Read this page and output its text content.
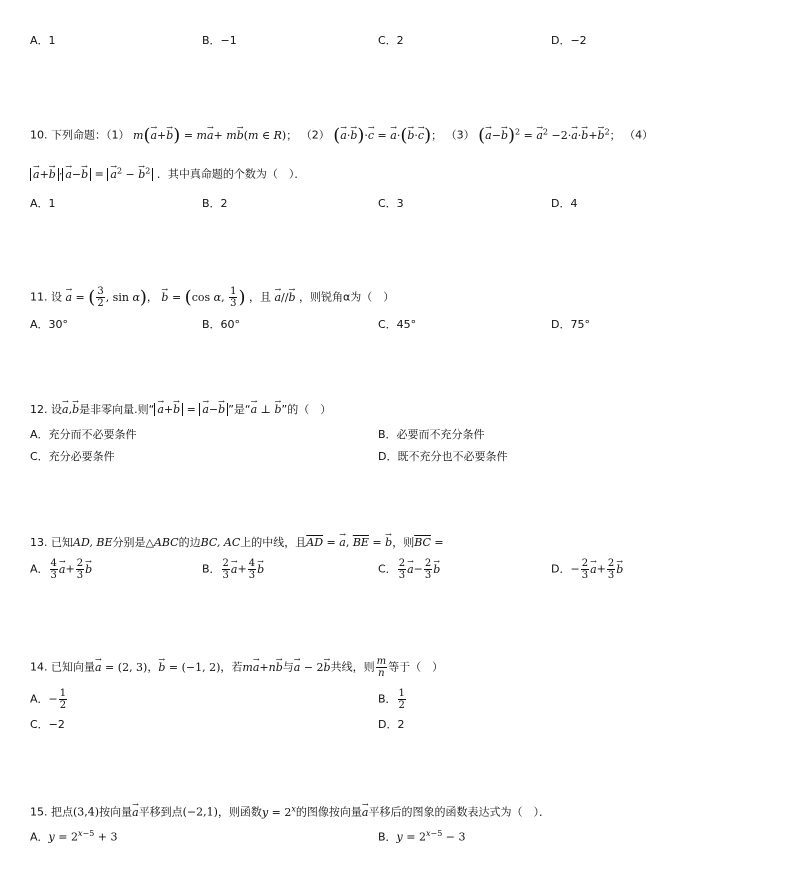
A．1	B．−1	C．2	D．−2
10. 下列命题：（1） m(→ a+→ b) = m→ a+ m→ b(m ∈ R)； （2） (→ a·→ b)·→ c = → a·(→ b·→ c)； （3） (→ a−→ b)$^2$ = → $a^2 -2\cdot\to a\cdot\to b+\to b^2$； （4）
→ a+→ b · → a−→ b = → $a^2$ − → $b^2$ ．其中真命题的个数为（　）．
A．1	B．2	C．3	D．4
11. 设 → a = ( $\frac{3}{2}$ , sin α)， → b = (cos α, $\frac{1}{3}$ ) ，且 → a//→ b ，则锐角α为（　）
A．30°	B．60°	C．45°	D．75°
12. 设→ a,→ b是非零向量.则“ → a+→ b = → a−→ b ”是“→ a ⊥ → b”的（　）
A．充分而不必要条件	B．必要而不充分条件
C．充分必要条件	D．既不充分也不必要条件
13. 已知AD, BE分别是△ABC的边BC, AC上的中线，且$\overline{AD}$ = → a, $\overline{BE}$ = → b，则$\overline{BC}$ =
A． $\frac{4}{3} \to a+ \frac{2}{3} \to b$	B． $\frac{2}{3} \to a+ \frac{4}{3} \to b$	C． $\frac{2}{3} \to a- \frac{2}{3} \to b$	D．− $\frac{2}{3} \to a+ \frac{2}{3} \to b$
14. 已知向量→ a = (2, 3)，→ b = (−1, 2)，若m→ a+n→ b与→ a − 2→ b共线，则 $\frac{m}{n}$ 等于（　）
A．− $\frac{1}{2}$	B． $\frac{1}{2}$
C．−2	D．2
15. 把点(3,4)按向量→ a平移到点(−2,1)，则函数$y = 2^x$的图像按向量→ a平移后的图象的函数表达式为（　）．
A．$y = 2^{x-5} + 3$	B．$y = 2^{x-5} - 3$
